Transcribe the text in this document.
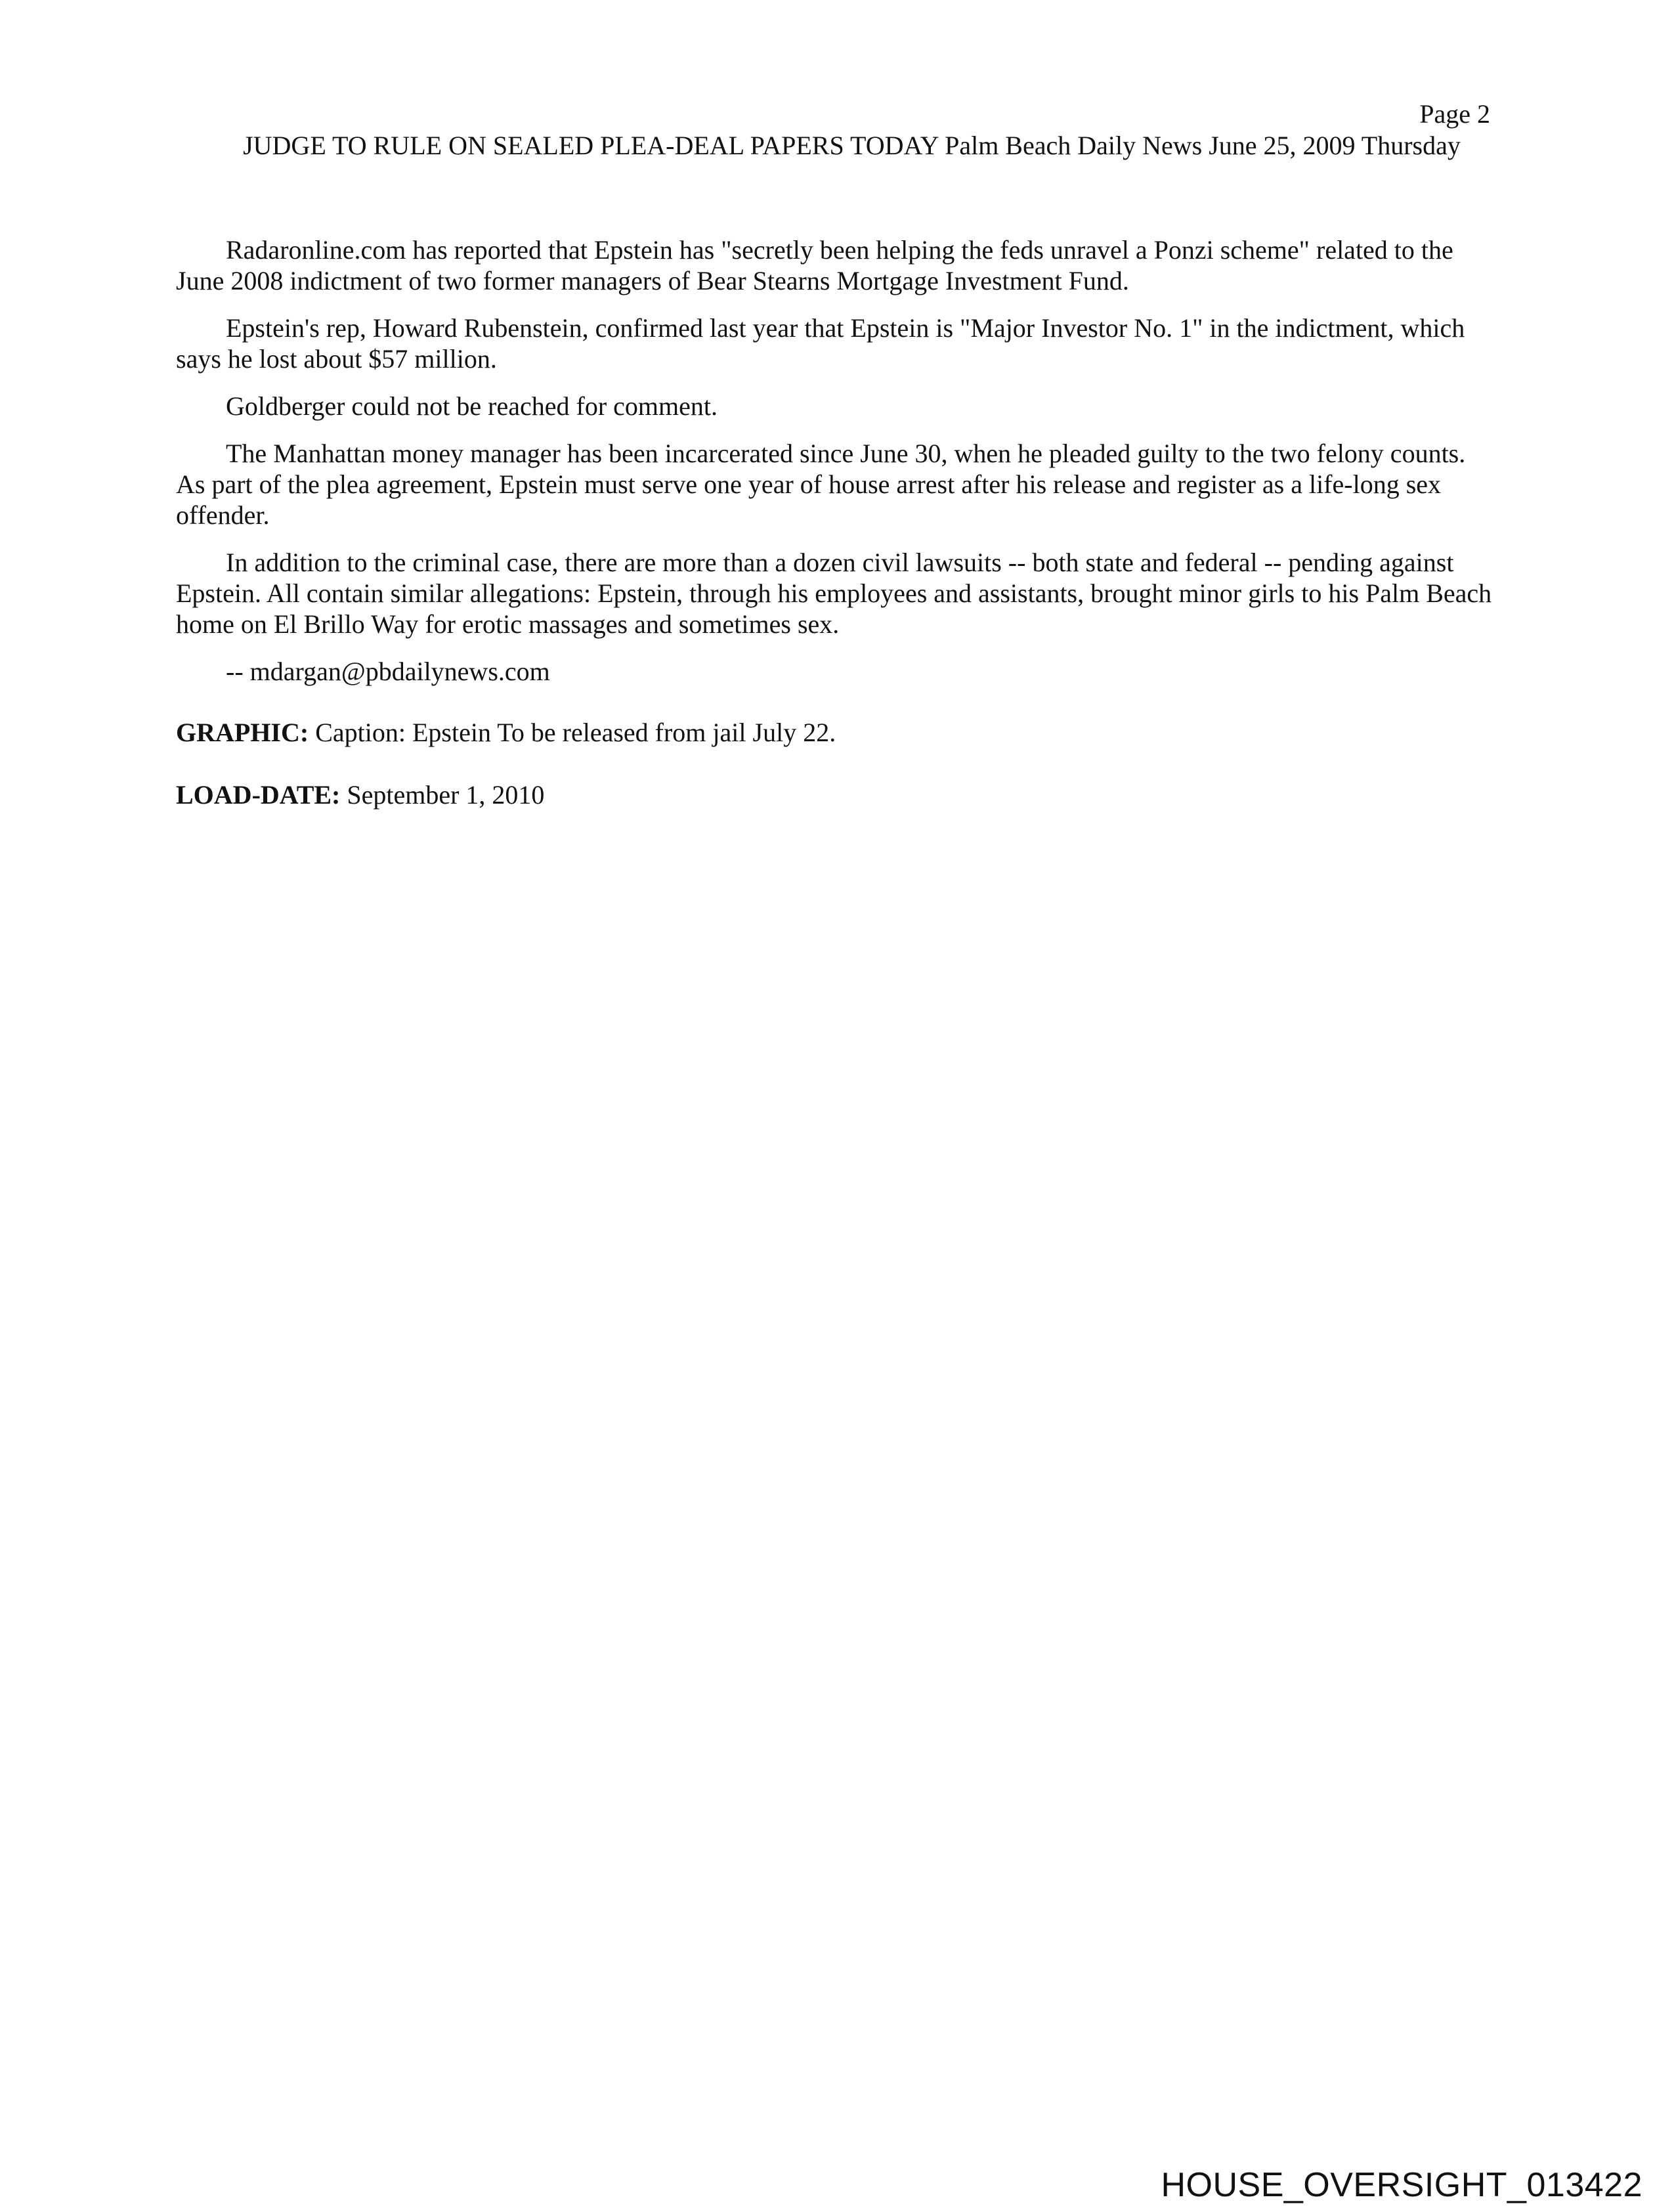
Page 2
JUDGE TO RULE ON SEALED PLEA-DEAL PAPERS TODAY Palm Beach Daily News June 25, 2009 Thursday

Radaronline.com has reported that Epstein has "secretly been helping the feds unravel a Ponzi scheme" related to the June 2008 indictment of two former managers of Bear Stearns Mortgage Investment Fund.

Epstein's rep, Howard Rubenstein, confirmed last year that Epstein is "Major Investor No. 1" in the indictment, which says he lost about $57 million.

Goldberger could not be reached for comment.

The Manhattan money manager has been incarcerated since June 30, when he pleaded guilty to the two felony counts. As part of the plea agreement, Epstein must serve one year of house arrest after his release and register as a life-long sex offender.

In addition to the criminal case, there are more than a dozen civil lawsuits -- both state and federal -- pending against Epstein. All contain similar allegations: Epstein, through his employees and assistants, brought minor girls to his Palm Beach home on El Brillo Way for erotic massages and sometimes sex.

-- mdargan@pbdailynews.com

GRAPHIC: Caption: Epstein To be released from jail July 22.
LOAD-DATE: September 1, 2010
HOUSE_OVERSIGHT_013422
